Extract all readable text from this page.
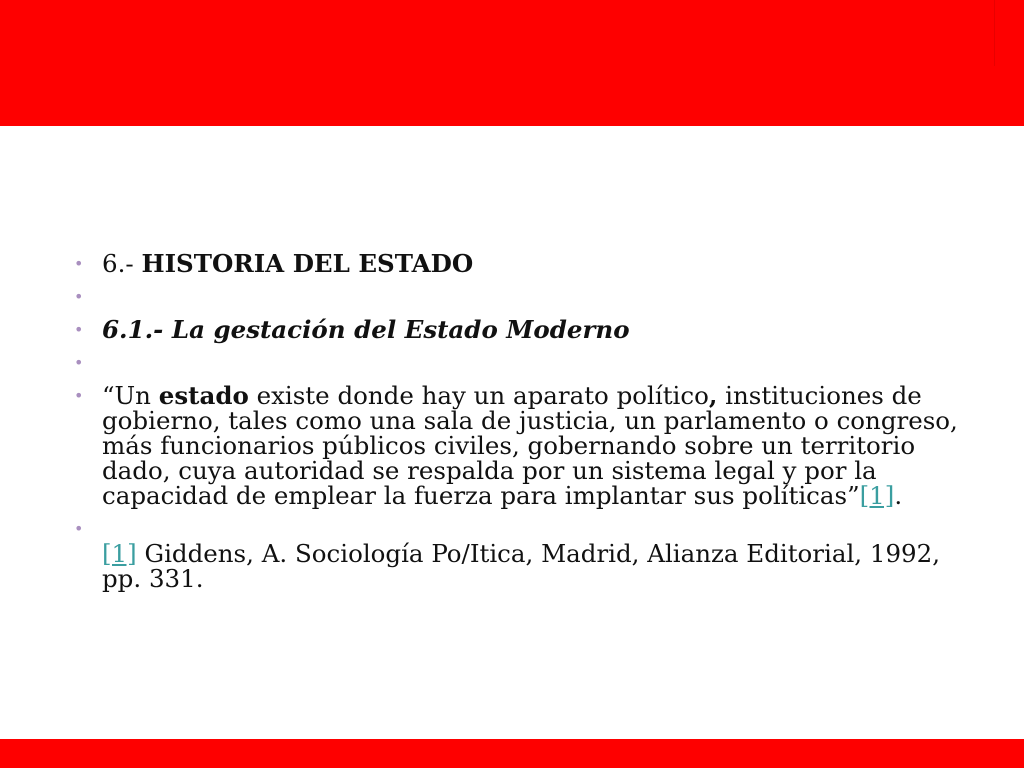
• 6.- HISTORIA DEL ESTADO
•
• 6.1.- La gestación del Estado Moderno
•
• “Un estado existe donde hay un aparato político, instituciones de gobierno, tales como una sala de justicia, un parlamento o congreso, más funcionarios públicos civiles, gobernando sobre un territorio dado, cuya autoridad se respalda por un sistema legal y por la capacidad de emplear la fuerza para implantar sus políticas”[1].
•

[1] Giddens, A. Sociología Po/Itica, Madrid, Alianza Editorial, 1992, pp. 331.
